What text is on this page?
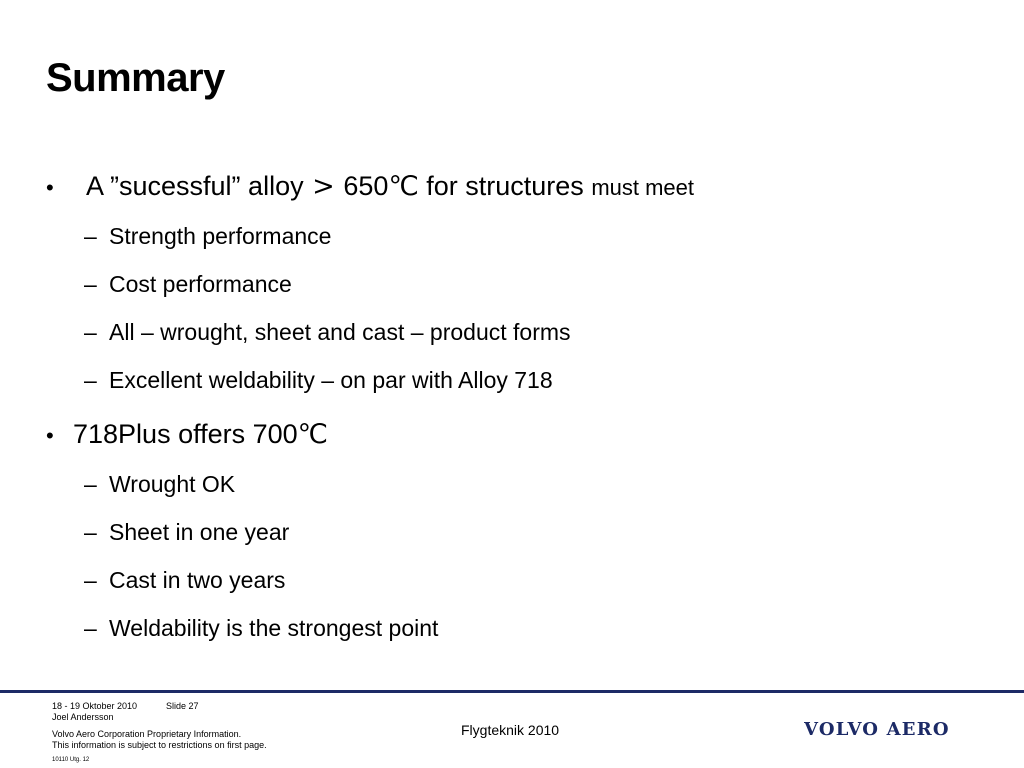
Summary
• A ”sucessful” alloy > 650℃ for structures must meet
– Strength performance
– Cost performance
– All – wrought, sheet and cast – product forms
– Excellent weldability – on par with Alloy 718
• 718Plus offers 700℃
– Wrought OK
– Sheet in one year
– Cast in two years
– Weldability is the strongest point
18 - 19 Oktober 2010	Slide 27
Joel Andersson
Volvo Aero Corporation Proprietary Information.
This information is subject to restrictions on first page.
10110 Utg. 12
Flygteknik 2010	VOLVO AERO
